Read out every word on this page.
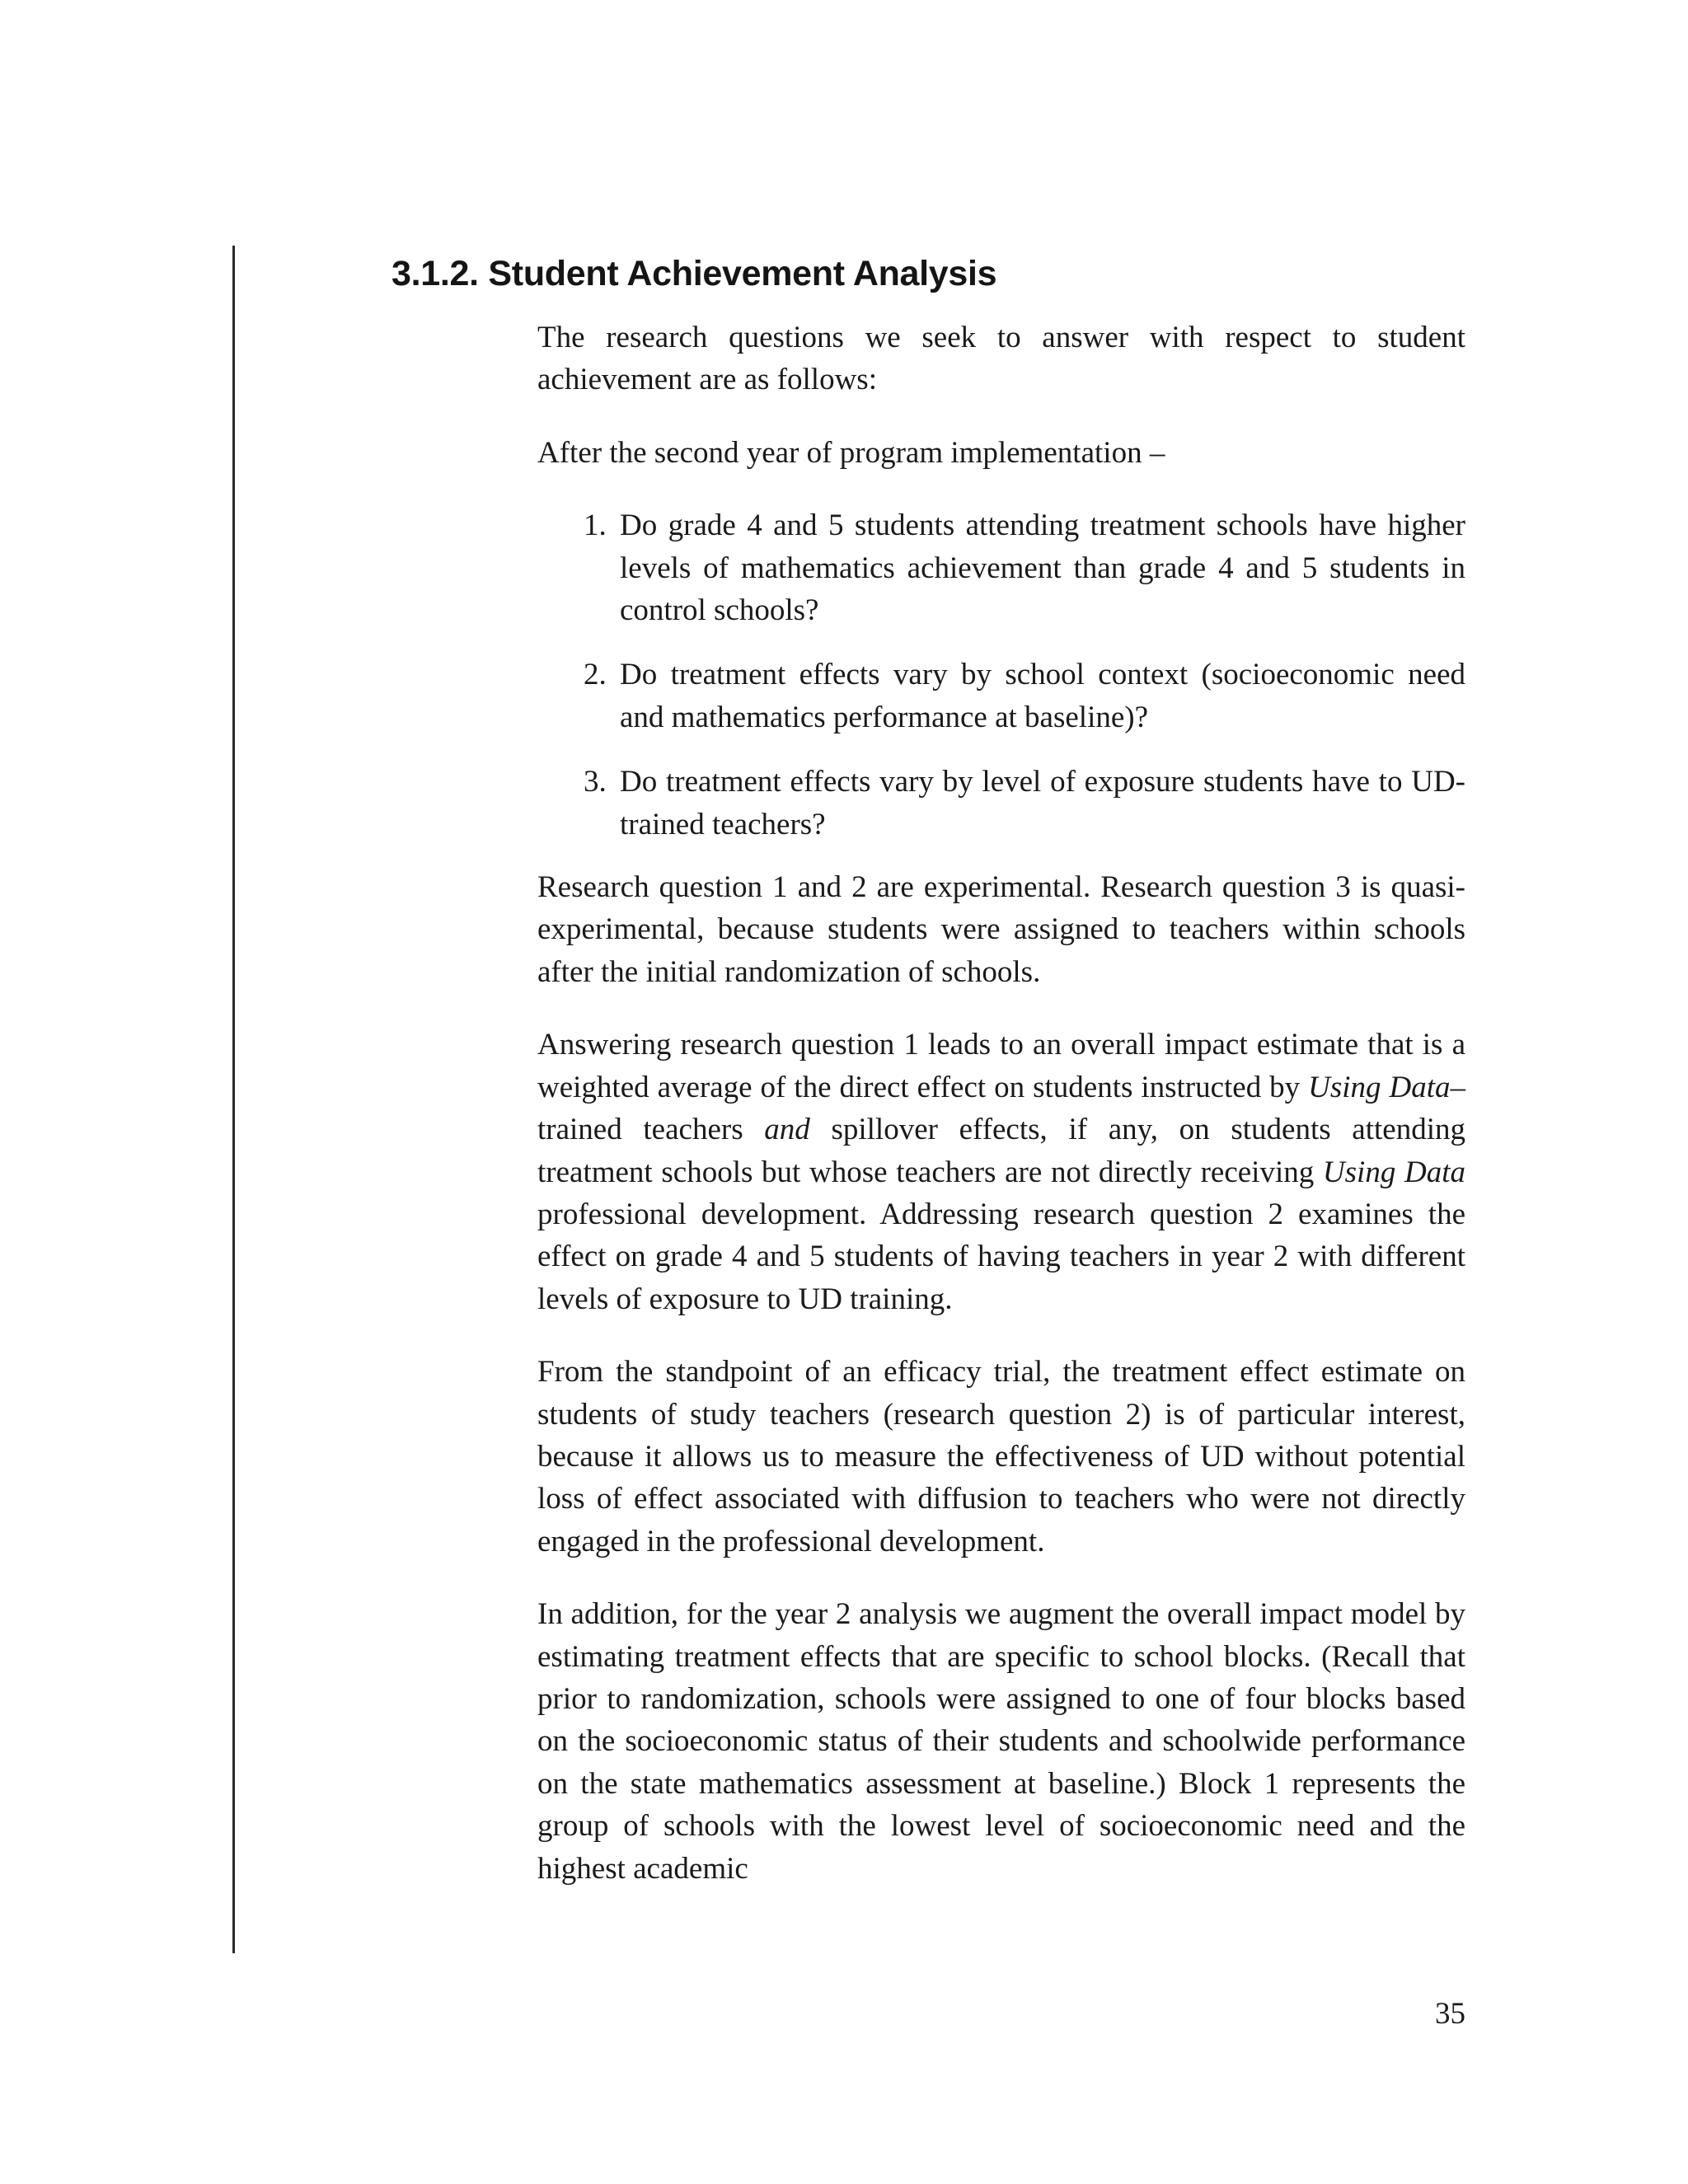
3.1.2. Student Achievement Analysis

The research questions we seek to answer with respect to student achievement are as follows:

After the second year of program implementation –

1. Do grade 4 and 5 students attending treatment schools have higher levels of mathematics achievement than grade 4 and 5 students in control schools?
2. Do treatment effects vary by school context (socioeconomic need and mathematics performance at baseline)?
3. Do treatment effects vary by level of exposure students have to UD-trained teachers?

Research question 1 and 2 are experimental. Research question 3 is quasi-experimental, because students were assigned to teachers within schools after the initial randomization of schools.

Answering research question 1 leads to an overall impact estimate that is a weighted average of the direct effect on students instructed by Using Data–trained teachers and spillover effects, if any, on students attending treatment schools but whose teachers are not directly receiving Using Data professional development. Addressing research question 2 examines the effect on grade 4 and 5 students of having teachers in year 2 with different levels of exposure to UD training.

From the standpoint of an efficacy trial, the treatment effect estimate on students of study teachers (research question 2) is of particular interest, because it allows us to measure the effectiveness of UD without potential loss of effect associated with diffusion to teachers who were not directly engaged in the professional development.

In addition, for the year 2 analysis we augment the overall impact model by estimating treatment effects that are specific to school blocks. (Recall that prior to randomization, schools were assigned to one of four blocks based on the socioeconomic status of their students and schoolwide performance on the state mathematics assessment at baseline.) Block 1 represents the group of schools with the lowest level of socioeconomic need and the highest academic

35
